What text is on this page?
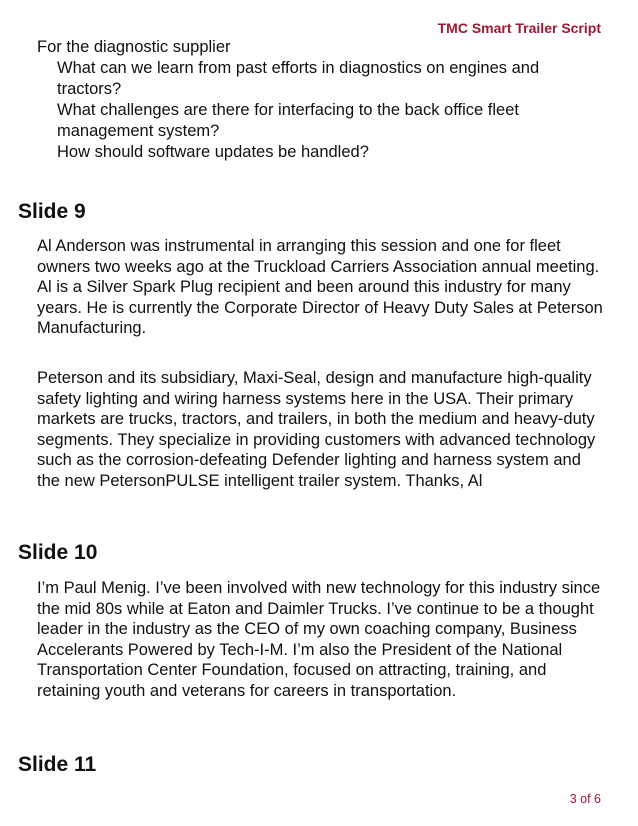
TMC Smart Trailer Script

For the diagnostic supplier

What can we learn from past efforts in diagnostics on engines and tractors?
What challenges are there for interfacing to the back office fleet management system?
How should software updates be handled?
Slide 9

Al Anderson was instrumental in arranging this session and one for fleet owners two weeks ago at the Truckload Carriers Association annual meeting. Al is a Silver Spark Plug recipient and been around this industry for many years. He is currently the Corporate Director of Heavy Duty Sales at Peterson Manufacturing.

Peterson and its subsidiary, Maxi-Seal, design and manufacture high-quality safety lighting and wiring harness systems here in the USA. Their primary markets are trucks, tractors, and trailers, in both the medium and heavy-duty segments. They specialize in providing customers with advanced technology such as the corrosion-defeating Defender lighting and harness system and the new PetersonPULSE intelligent trailer system. Thanks, Al

Slide 10

I’m Paul Menig. I’ve been involved with new technology for this industry since the mid 80s while at Eaton and Daimler Trucks. I’ve continue to be a thought leader in the industry as the CEO of my own coaching company, Business Accelerants Powered by Tech-I-M. I’m also the President of the National Transportation Center Foundation, focused on attracting, training, and retaining youth and veterans for careers in transportation.

Slide 11
3 of 6
